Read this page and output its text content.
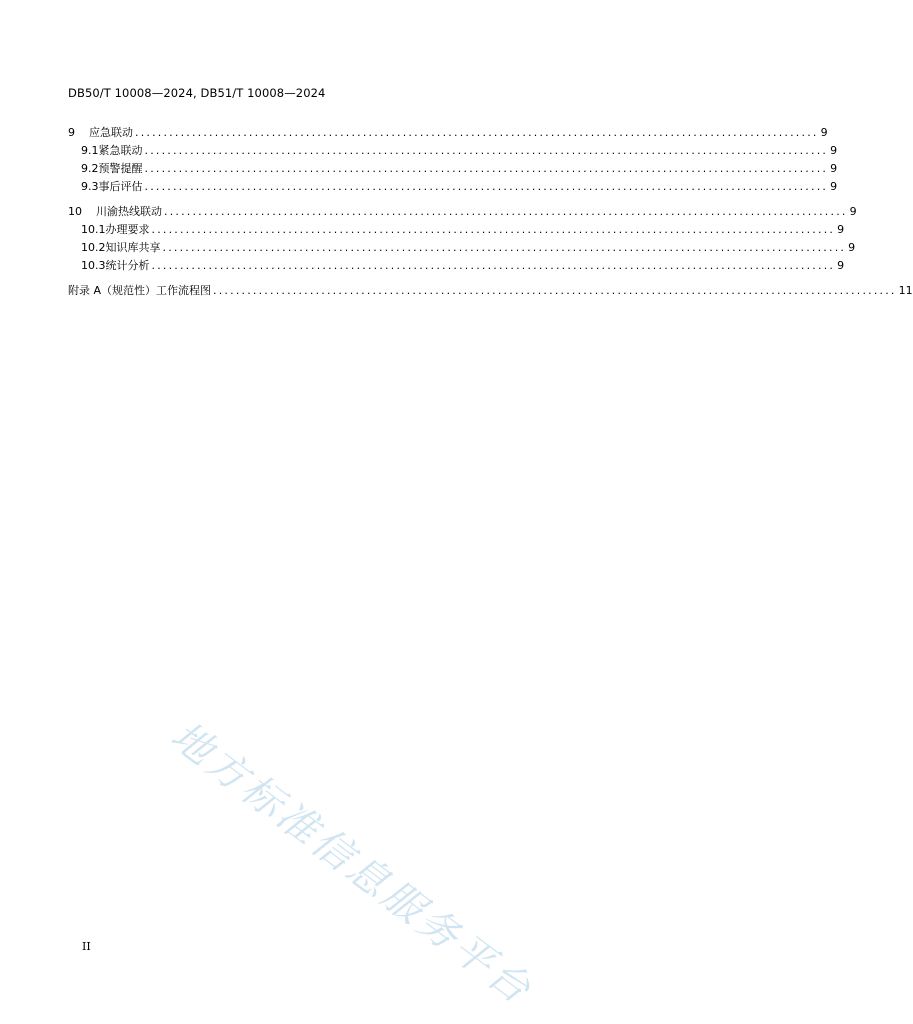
DB50/T 10008—2024, DB51/T 10008—2024
9 应急联动 ........................................................................................................................ 9
9.1 紧急联动 ........................................................................................................................ 9
9.2 预警提醒 ........................................................................................................................ 9
9.3 事后评估 ........................................................................................................................ 9
10 川渝热线联动 ........................................................................................................................ 9
10.1 办理要求 ........................................................................................................................ 9
10.2 知识库共享 ........................................................................................................................ 9
10.3 统计分析 ........................................................................................................................ 9
附录 A（规范性） 工作流程图 ........................................................................................................................ 11
地方标准信息服务平台
II
